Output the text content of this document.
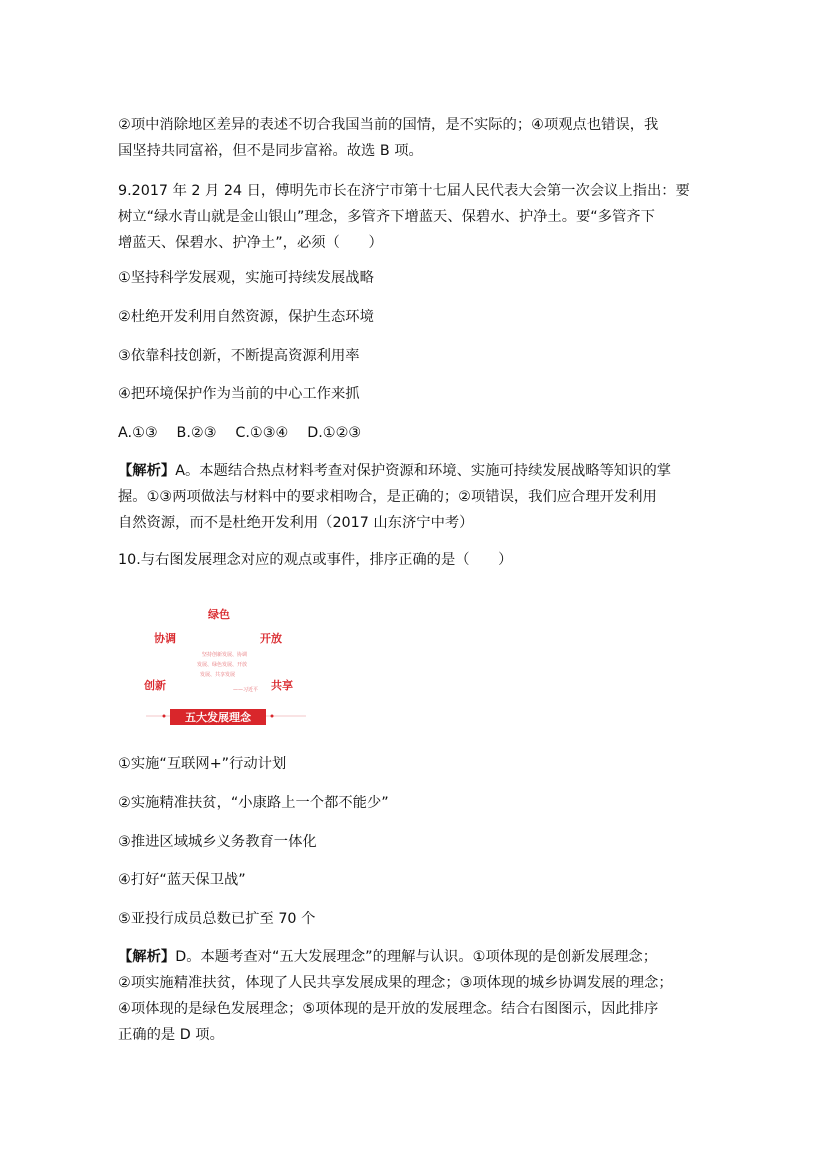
②项中消除地区差异的表述不切合我国当前的国情，是不实际的；④项观点也错误，我
国坚持共同富裕，但不是同步富裕。故选 B 项。
9.2017 年 2 月 24 日，傅明先市长在济宁市第十七届人民代表大会第一次会议上指出：要
树立“绿水青山就是金山银山”理念，多管齐下增蓝天、保碧水、护净土。要“多管齐下
增蓝天、保碧水、护净土”，必须（　　）
①坚持科学发展观，实施可持续发展战略
②杜绝开发利用自然资源，保护生态环境
③依靠科技创新，不断提高资源利用率
④把环境保护作为当前的中心工作来抓
A.①③　 B.②③　 C.①③④　 D.①②③
【解析】A。本题结合热点材料考查对保护资源和环境、实施可持续发展战略等知识的掌
握。①③两项做法与材料中的要求相吻合，是正确的；②项错误，我们应合理开发利用
自然资源，而不是杜绝开发利用（2017 山东济宁中考）
10.与右图发展理念对应的观点或事件，排序正确的是（　　）
绿色
协调	开放
创新	共享
坚持创新发展、协调
发展、绿色发展、开放
发展、共享发展
——习近平
五大发展理念
①实施“互联网+”行动计划
②实施精准扶贫，“小康路上一个都不能少”
③推进区域城乡义务教育一体化
④打好“蓝天保卫战”
⑤亚投行成员总数已扩至 70 个
【解析】D。本题考查对“五大发展理念”的理解与认识。①项体现的是创新发展理念；
②项实施精准扶贫，体现了人民共享发展成果的理念；③项体现的城乡协调发展的理念；
④项体现的是绿色发展理念；⑤项体现的是开放的发展理念。结合右图图示，因此排序
正确的是 D 项。
